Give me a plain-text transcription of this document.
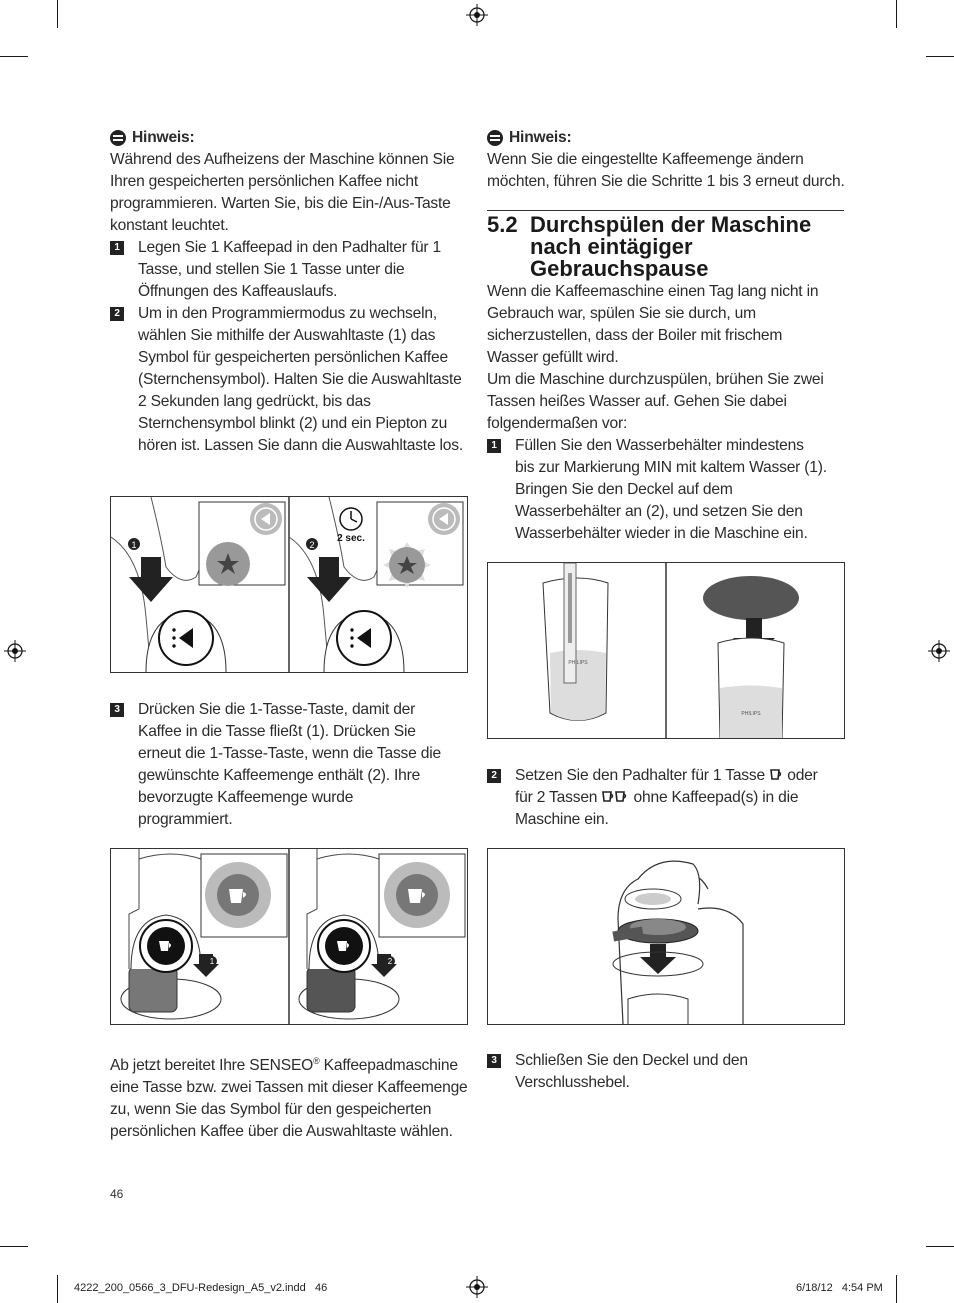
Hinweis:
Während des Aufheizens der Maschine können Sie Ihren gespeicherten persönlichen Kaffee nicht programmieren. Warten Sie, bis die Ein-/Aus-Taste konstant leuchtet.
1 Legen Sie 1 Kaffeepad in den Padhalter für 1 Tasse, und stellen Sie 1 Tasse unter die Öffnungen des Kaffeauslaufs.
2 Um in den Programmiermodus zu wechseln, wählen Sie mithilfe der Auswahltaste (1) das Symbol für gespeicherten persönlichen Kaffee (Sternchensymbol). Halten Sie die Auswahltaste 2 Sekunden lang gedrückt, bis das Sternchensymbol blinkt (2) und ein Piepton zu hören ist. Lassen Sie dann die Auswahltaste los.
1	2
2 sec.
3 Drücken Sie die 1-Tasse-Taste, damit der Kaffee in die Tasse fließt (1). Drücken Sie erneut die 1-Tasse-Taste, wenn die Tasse die gewünschte Kaffeemenge enthält (2). Ihre bevorzugte Kaffeemenge wurde programmiert.
1	2
Ab jetzt bereitet Ihre SENSEO® Kaffeepadmaschine eine Tasse bzw. zwei Tassen mit dieser Kaffeemenge zu, wenn Sie das Symbol für den gespeicherten persönlichen Kaffee über die Auswahltaste wählen.
46
Hinweis:
Wenn Sie die eingestellte Kaffeemenge ändern möchten, führen Sie die Schritte 1 bis 3 erneut durch.
5.2 Durchspülen der Maschine nach eintägiger Gebrauchspause
Wenn die Kaffeemaschine einen Tag lang nicht in Gebrauch war, spülen Sie sie durch, um sicherzustellen, dass der Boiler mit frischem Wasser gefüllt wird.
Um die Maschine durchzuspülen, brühen Sie zwei Tassen heißes Wasser auf. Gehen Sie dabei folgendermaßen vor:
1 Füllen Sie den Wasserbehälter mindestens bis zur Markierung MIN mit kaltem Wasser (1). Bringen Sie den Deckel auf dem Wasserbehälter an (2), und setzen Sie den Wasserbehälter wieder in die Maschine ein.
PHILIPS
PHILIPS
2 Setzen Sie den Padhalter für 1 Tasse  oder für 2 Tassen  ohne Kaffeepad(s) in die Maschine ein.
3 Schließen Sie den Deckel und den Verschlusshebel.
4222_200_0566_3_DFU-Redesign_A5_v2.indd   46	6/18/12   4:54 PM
